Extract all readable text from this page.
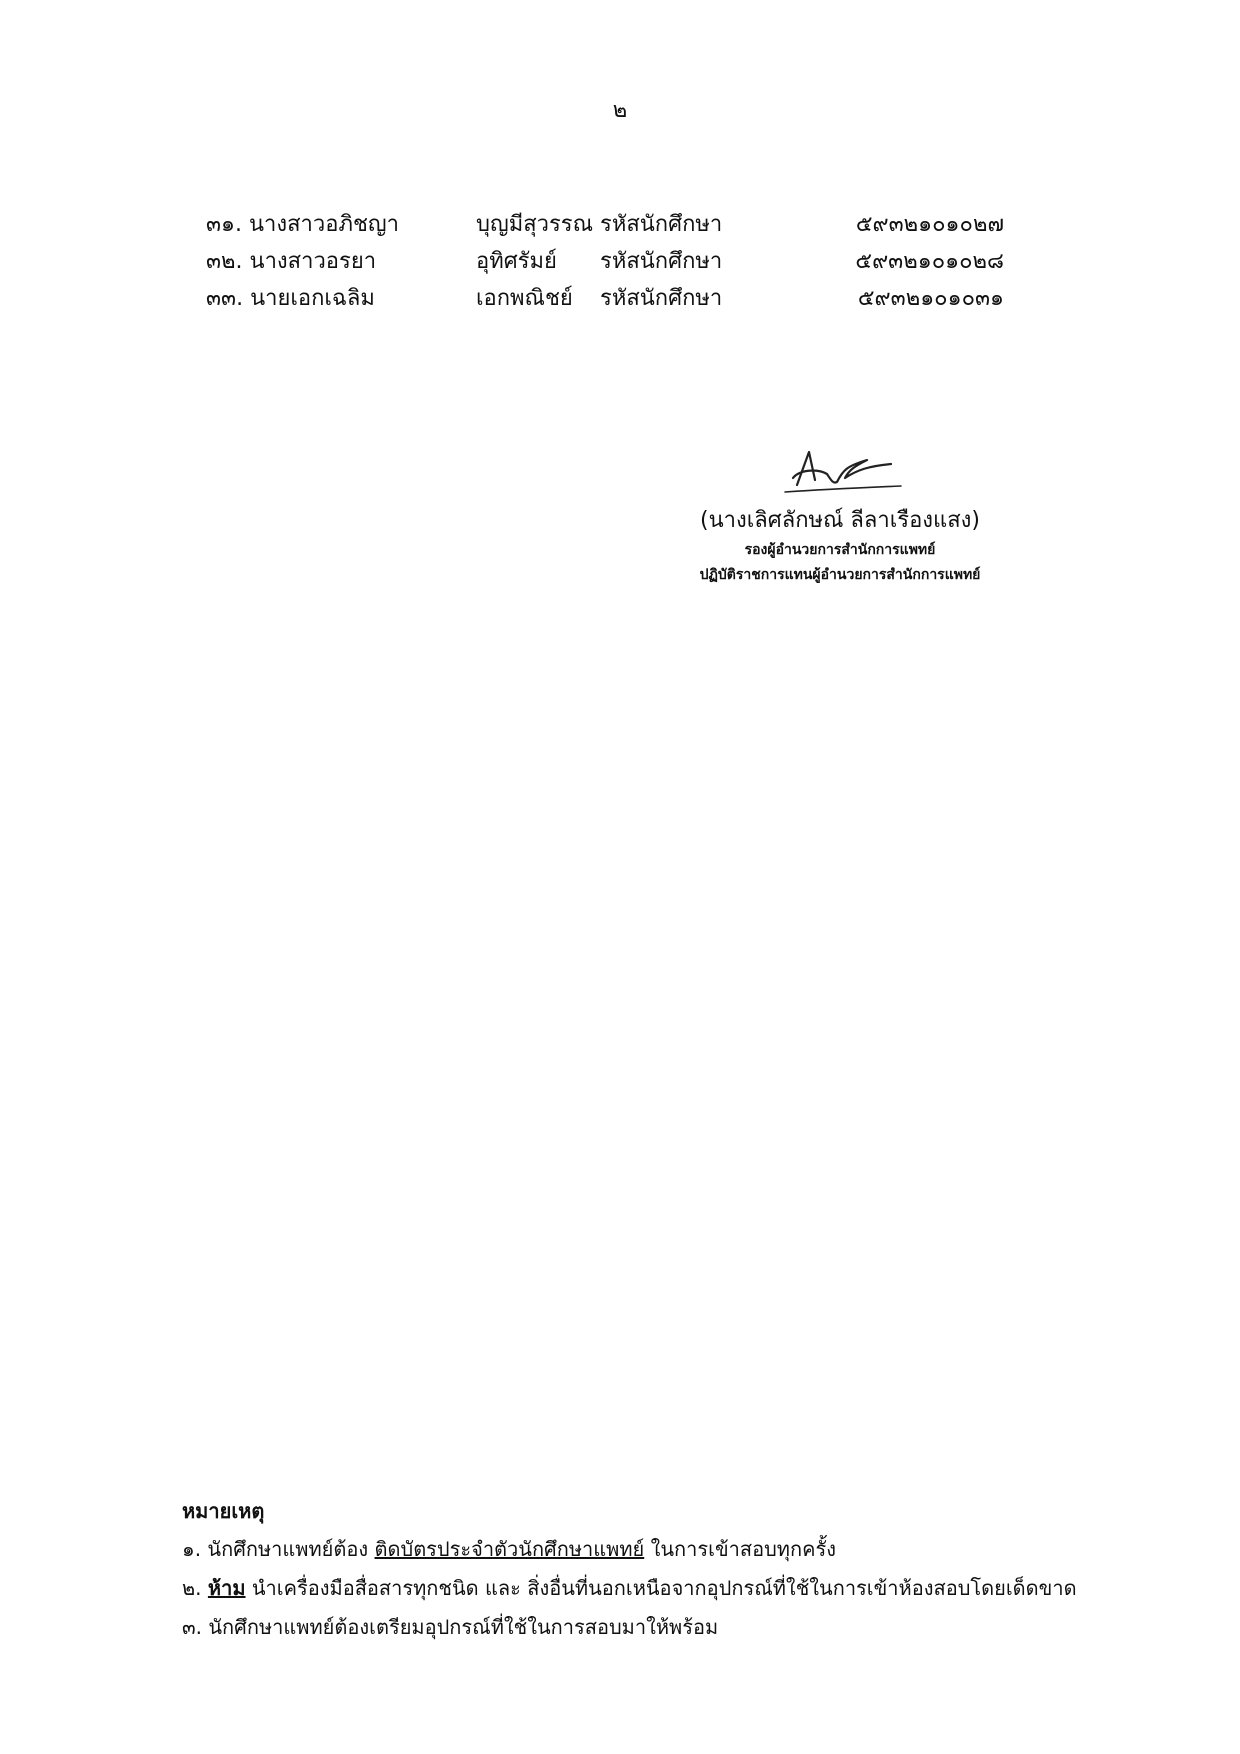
๒
๓๑. นางสาวอภิชญา	บุญมีสุวรรณ รหัสนักศึกษา	๕๙๓๒๑๐๑๐๒๗
๓๒. นางสาวอรยา	อุทิศรัมย์ รหัสนักศึกษา	๕๙๓๒๑๐๑๐๒๘
๓๓. นายเอกเฉลิม	เอกพณิชย์ รหัสนักศึกษา	๕๙๓๒๑๐๑๐๓๑
(นางเลิศลักษณ์ ลีลาเรืองแสง)
รองผู้อำนวยการสำนักการแพทย์
ปฏิบัติราชการแทนผู้อำนวยการสำนักการแพทย์
หมายเหตุ
๑. นักศึกษาแพทย์ต้อง ติดบัตรประจำตัวนักศึกษาแพทย์ ในการเข้าสอบทุกครั้ง
๒. ห้าม นำเครื่องมือสื่อสารทุกชนิด และ สิ่งอื่นที่นอกเหนือจากอุปกรณ์ที่ใช้ในการเข้าห้องสอบโดยเด็ดขาด
๓. นักศึกษาแพทย์ต้องเตรียมอุปกรณ์ที่ใช้ในการสอบมาให้พร้อม
